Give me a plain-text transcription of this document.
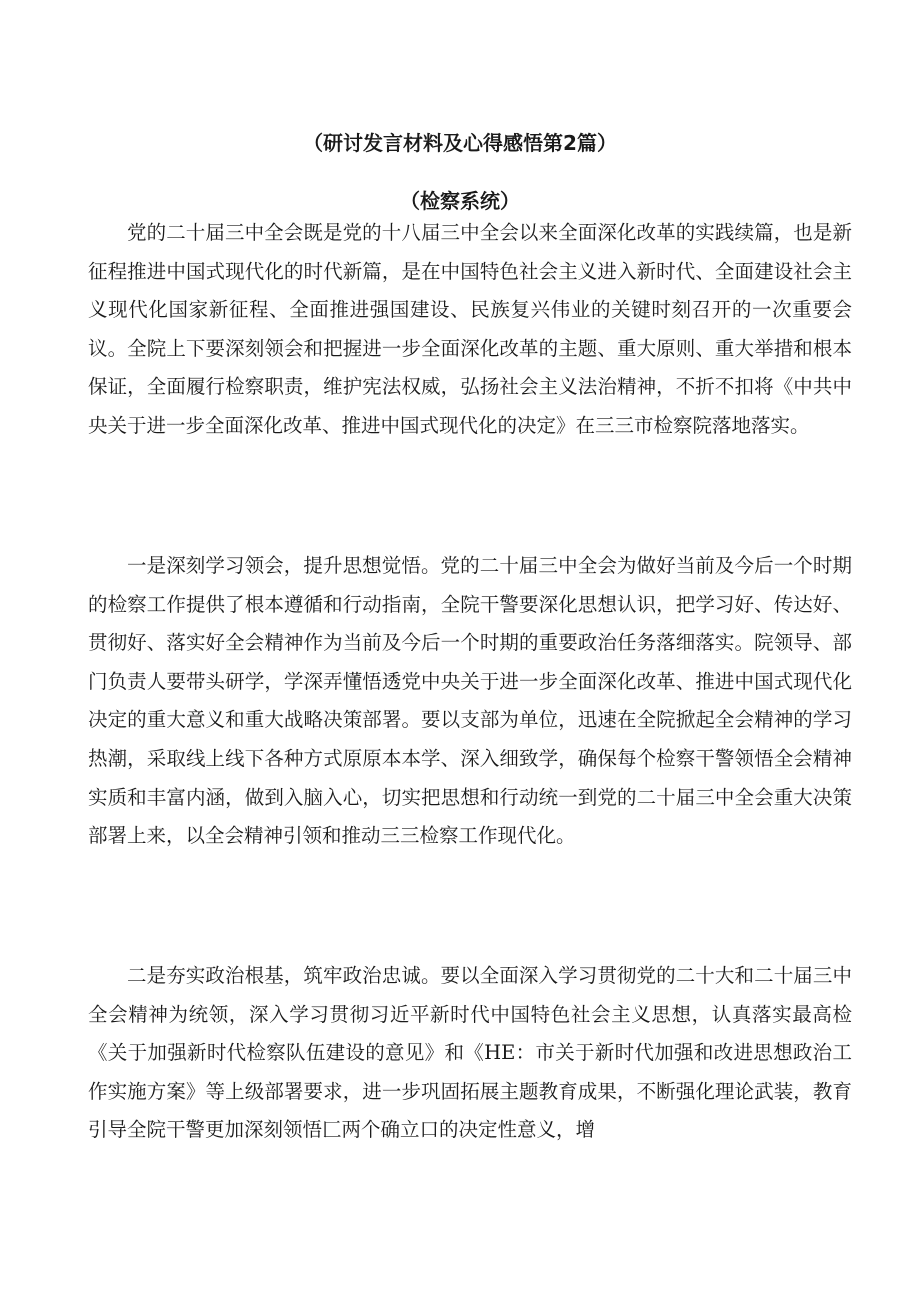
（研讨发言材料及心得感悟第2篇）
（检察系统）

党的二十届三中全会既是党的十八届三中全会以来全面深化改革的实践续篇，也是新征程推进中国式现代化的时代新篇，是在中国特色社会主义进入新时代、全面建设社会主义现代化国家新征程、全面推进强国建设、民族复兴伟业的关键时刻召开的一次重要会议。全院上下要深刻领会和把握进一步全面深化改革的主题、重大原则、重大举措和根本保证，全面履行检察职责，维护宪法权威，弘扬社会主义法治精神，不折不扣将《中共中央关于进一步全面深化改革、推进中国式现代化的决定》在三三市检察院落地落实。

一是深刻学习领会，提升思想觉悟。党的二十届三中全会为做好当前及今后一个时期的检察工作提供了根本遵循和行动指南，全院干警要深化思想认识，把学习好、传达好、贯彻好、落实好全会精神作为当前及今后一个时期的重要政治任务落细落实。院领导、部门负责人要带头研学，学深弄懂悟透党中央关于进一步全面深化改革、推进中国式现代化决定的重大意义和重大战略决策部署。要以支部为单位，迅速在全院掀起全会精神的学习热潮，采取线上线下各种方式原原本本学、深入细致学，确保每个检察干警领悟全会精神实质和丰富内涵，做到入脑入心，切实把思想和行动统一到党的二十届三中全会重大决策部署上来，以全会精神引领和推动三三检察工作现代化。

二是夯实政治根基，筑牢政治忠诚。要以全面深入学习贯彻党的二十大和二十届三中全会精神为统领，深入学习贯彻习近平新时代中国特色社会主义思想，认真落实最高检《关于加强新时代检察队伍建设的意见》和《HE：市关于新时代加强和改进思想政治工作实施方案》等上级部署要求，进一步巩固拓展主题教育成果，不断强化理论武装，教育引导全院干警更加深刻领悟匚两个确立口的决定性意义，增
